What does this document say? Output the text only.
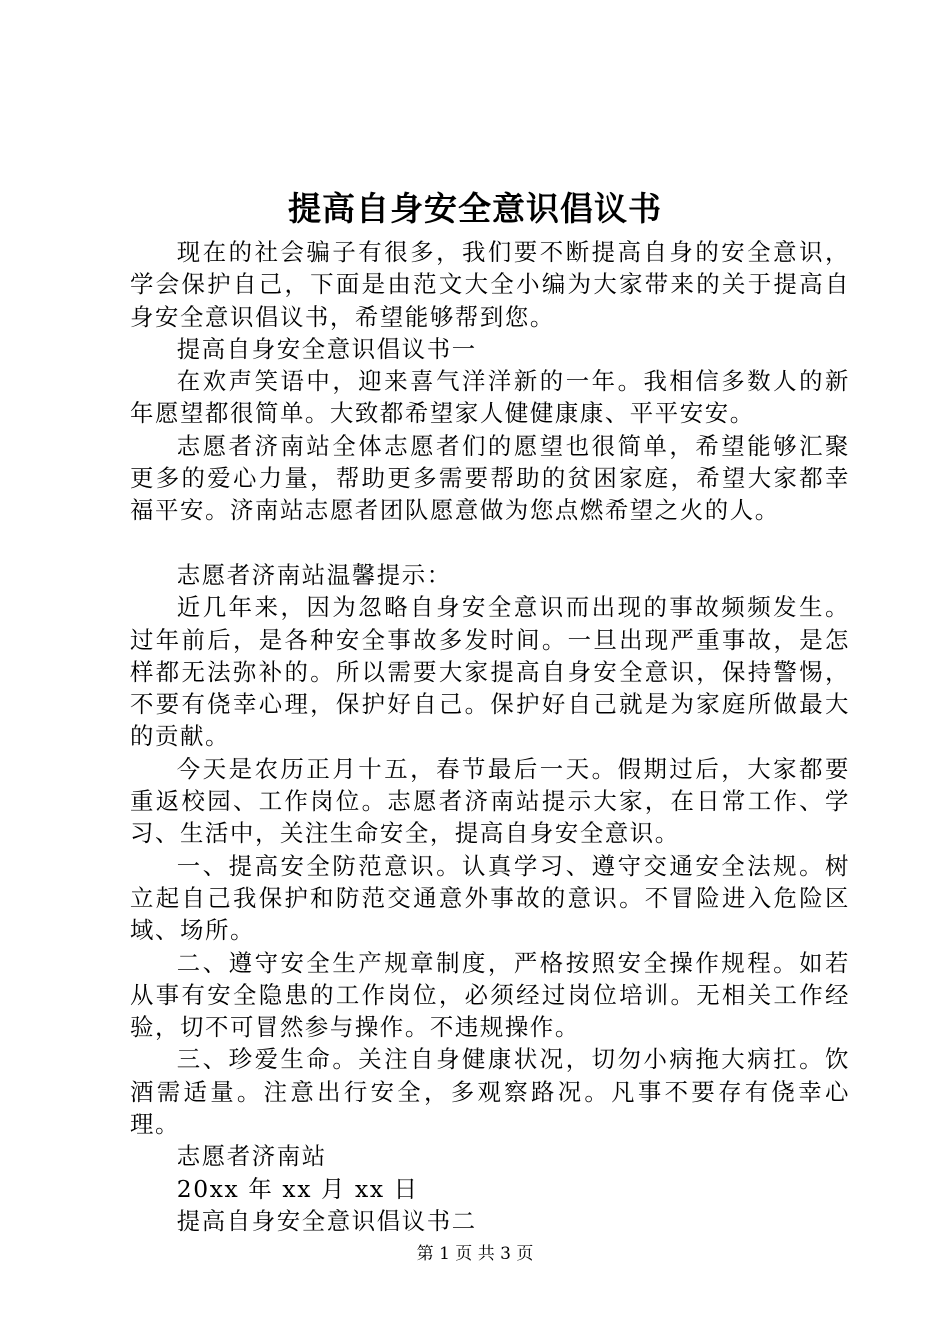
提高自身安全意识倡议书

现在的社会骗子有很多，我们要不断提高自身的安全意识，学会保护自己，下面是由范文大全小编为大家带来的关于提高自身安全意识倡议书，希望能够帮到您。

提高自身安全意识倡议书一

在欢声笑语中，迎来喜气洋洋新的一年。我相信多数人的新年愿望都很简单。大致都希望家人健健康康、平平安安。

志愿者济南站全体志愿者们的愿望也很简单，希望能够汇聚更多的爱心力量，帮助更多需要帮助的贫困家庭，希望大家都幸福平安。济南站志愿者团队愿意做为您点燃希望之火的人。

志愿者济南站温馨提示：

近几年来，因为忽略自身安全意识而出现的事故频频发生。过年前后，是各种安全事故多发时间。一旦出现严重事故，是怎样都无法弥补的。所以需要大家提高自身安全意识，保持警惕，不要有侥幸心理，保护好自己。保护好自己就是为家庭所做最大的贡献。

今天是农历正月十五，春节最后一天。假期过后，大家都要重返校园、工作岗位。志愿者济南站提示大家，在日常工作、学习、生活中，关注生命安全，提高自身安全意识。

一、提高安全防范意识。认真学习、遵守交通安全法规。树立起自己我保护和防范交通意外事故的意识。不冒险进入危险区域、场所。

二、遵守安全生产规章制度，严格按照安全操作规程。如若从事有安全隐患的工作岗位，必须经过岗位培训。无相关工作经验，切不可冒然参与操作。不违规操作。

三、珍爱生命。关注自身健康状况，切勿小病拖大病扛。饮酒需适量。注意出行安全，多观察路况。凡事不要存有侥幸心理。

志愿者济南站

20xx 年 xx 月 xx 日

提高自身安全意识倡议书二

第 1 页 共 3 页
